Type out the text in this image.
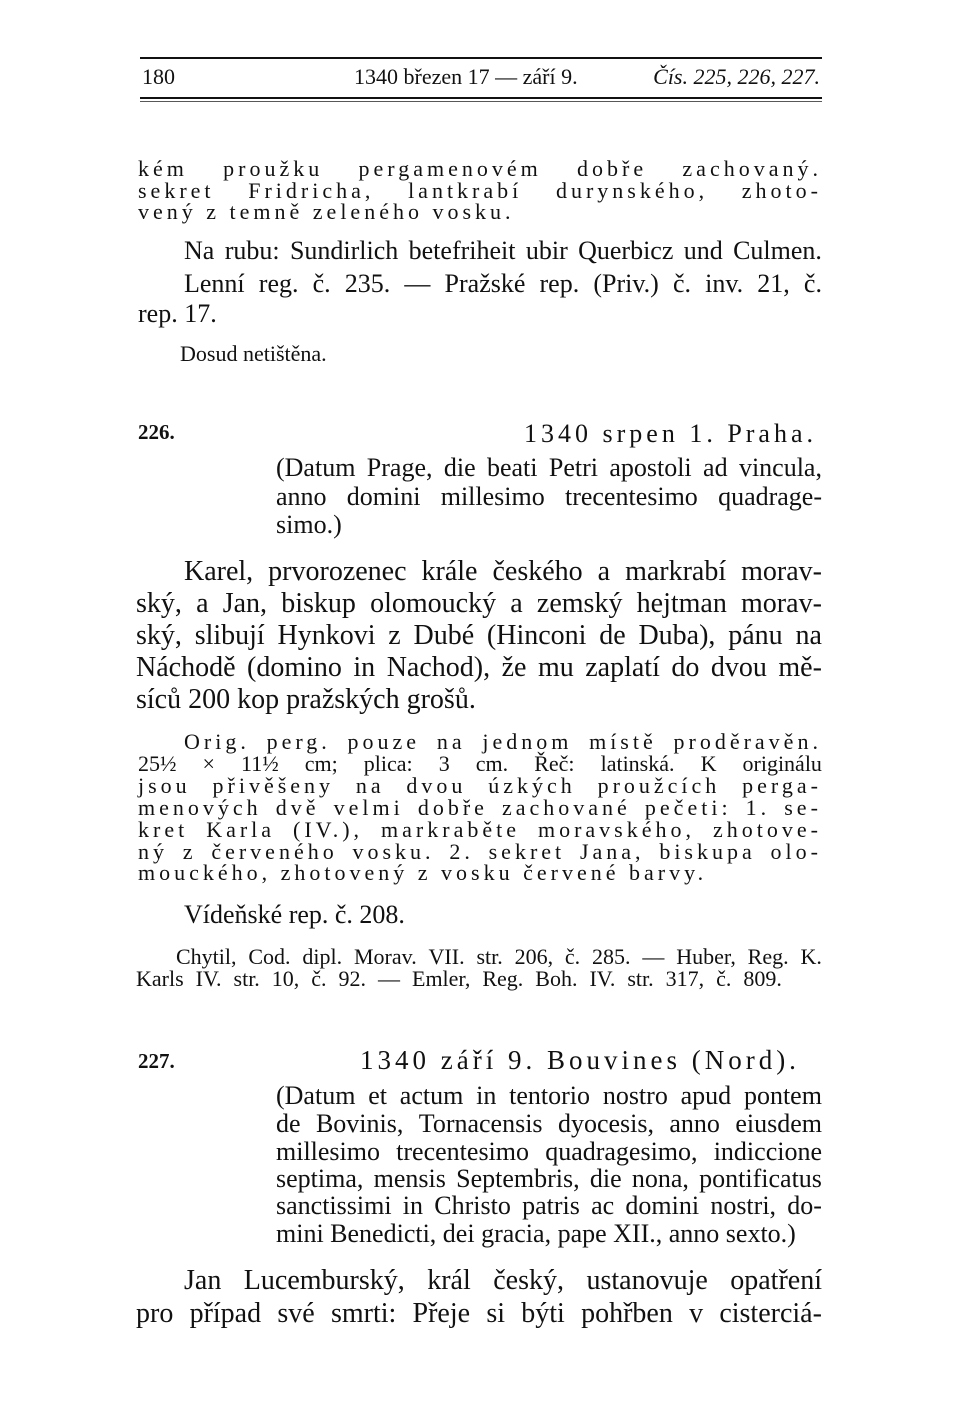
180	1340 březen 17 — září 9.	Čís. 225, 226, 227.
kém proužku pergamenovém dobře zachovaný.
sekret Fridricha, lantkrabí durynského, zhoto-
vený z temně zeleného vosku.
Na rubu: Sundirlich betefriheit ubir Querbicz und Culmen.
Lenní reg. č. 235. — Pražské rep. (Priv.) č. inv. 21, č.
rep. 17.
Dosud netištěna.
226.	1340 srpen 1. Praha.
(Datum Prage, die beati Petri apostoli ad vincula,
anno domini millesimo trecentesimo quadrage-
simo.)
Karel, prvorozenec krále českého a markrabí morav-
ský, a Jan, biskup olomoucký a zemský hejtman morav-
ský, slibují Hynkovi z Dubé (Hinconi de Duba), pánu na
Náchodě (domino in Nachod), že mu zaplatí do dvou mě-
síců 200 kop pražských grošů.
Orig. perg. pouze na jednom místě proděravěn.
25½ × 11½ cm; plica: 3 cm. Řeč: latinská. K originálu
jsou přivěšeny na dvou úzkých proužcích perga-
menových dvě velmi dobře zachované pečeti: 1. se-
kret Karla (IV.), markraběte moravského, zhotove-
ný z červeného vosku. 2. sekret Jana, biskupa olo-
mouckého, zhotovený z vosku červené barvy.
Vídeňské rep. č. 208.
Chytil, Cod. dipl. Morav. VII. str. 206, č. 285. — Huber, Reg. K.
Karls IV. str. 10, č. 92. — Emler, Reg. Boh. IV. str. 317, č. 809.
227.	1340 září 9. Bouvines (Nord).
(Datum et actum in tentorio nostro apud pontem
de Bovinis, Tornacensis dyocesis, anno eiusdem
millesimo trecentesimo quadragesimo, indiccione
septima, mensis Septembris, die nona, pontificatus
sanctissimi in Christo patris ac domini nostri, do-
mini Benedicti, dei gracia, pape XII., anno sexto.)
Jan Lucemburský, král český, ustanovuje opatření
pro případ své smrti: Přeje si býti pohřben v cisterciá-
